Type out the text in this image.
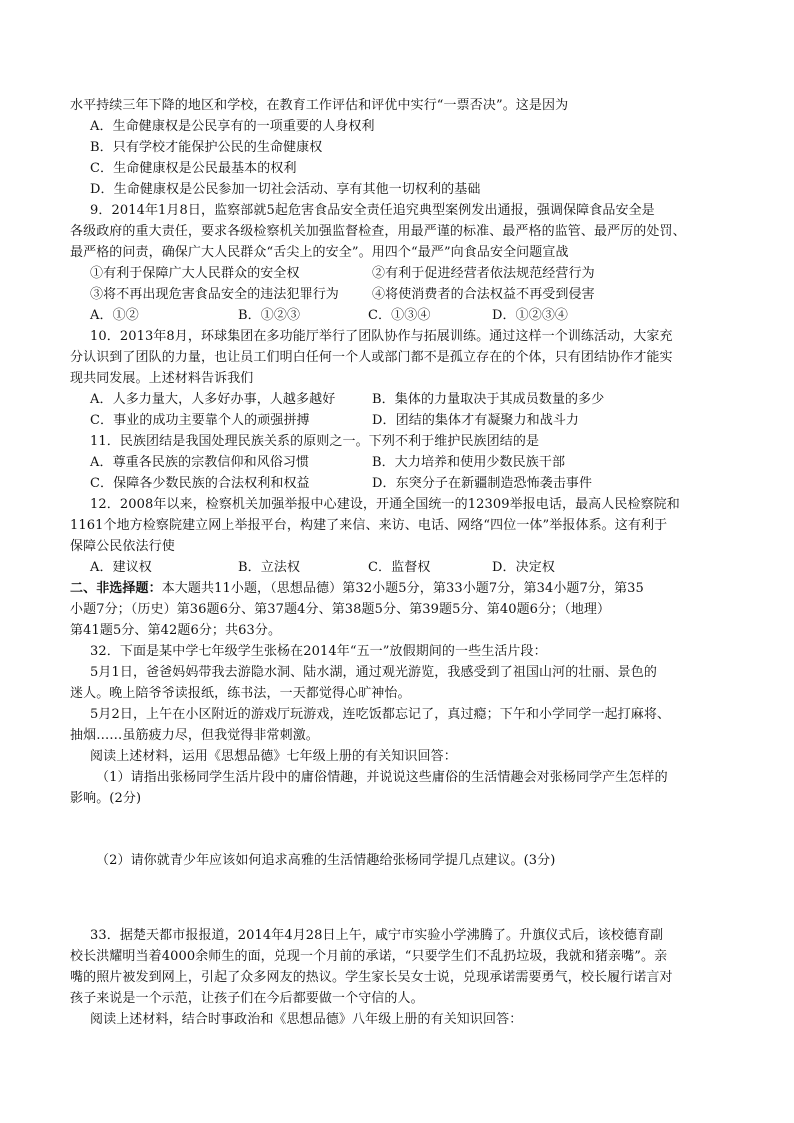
水平持续三年下降的地区和学校，在教育工作评估和评优中实行“一票否决”。这是因为
A．生命健康权是公民享有的一项重要的人身权利
B．只有学校才能保护公民的生命健康权
C．生命健康权是公民最基本的权利
D．生命健康权是公民参加一切社会活动、享有其他一切权利的基础
9．2014年1月8日，监察部就5起危害食品安全责任追究典型案例发出通报，强调保障食品安全是
各级政府的重大责任，要求各级检察机关加强监督检查，用最严谨的标准、最严格的监管、最严厉的处罚、
最严格的问责，确保广大人民群众“舌尖上的安全”。用四个“最严”向食品安全问题宣战
①有利于保障广大人民群众的安全权	②有利于促进经营者依法规范经营行为
③将不再出现危害食品安全的违法犯罪行为	④将使消费者的合法权益不再受到侵害
A．①②	B．①②③	C．①③④	D．①②③④
10．2013年8月，环球集团在多功能厅举行了团队协作与拓展训练。通过这样一个训练活动，大家充
分认识到了团队的力量，也让员工们明白任何一个人或部门都不是孤立存在的个体，只有团结协作才能实
现共同发展。上述材料告诉我们
A．人多力量大，人多好办事，人越多越好	B．集体的力量取决于其成员数量的多少
C．事业的成功主要靠个人的顽强拼搏	D．团结的集体才有凝聚力和战斗力
11．民族团结是我国处理民族关系的原则之一。下列不利于维护民族团结的是
A．尊重各民族的宗教信仰和风俗习惯	B．大力培养和使用少数民族干部
C．保障各少数民族的合法权利和权益	D．东突分子在新疆制造恐怖袭击事件
12．2008年以来，检察机关加强举报中心建设，开通全国统一的12309举报电话，最高人民检察院和
1161个地方检察院建立网上举报平台，构建了来信、来访、电话、网络“四位一体”举报体系。这有利于
保障公民依法行使
A．建议权	B．立法权	C．监督权	D．决定权
二、非选择题：本大题共11小题，（思想品德）第32小题5分，第33小题7分，第34小题7分，第35
小题7分；（历史）第36题6分、第37题4分、第38题5分、第39题5分、第40题6分；（地理）
第41题5分、第42题6分；共63分。
32．下面是某中学七年级学生张杨在2014年“五一”放假期间的一些生活片段：
5月1日，爸爸妈妈带我去游隐水洞、陆水湖，通过观光游览，我感受到了祖国山河的壮丽、景色的
迷人。晚上陪爷爷读报纸，练书法，一天都觉得心旷神怡。
5月2日，上午在小区附近的游戏厅玩游戏，连吃饭都忘记了，真过瘾；下午和小学同学一起打麻将、
抽烟……虽筋疲力尽，但我觉得非常刺激。
阅读上述材料，运用《思想品德》七年级上册的有关知识回答：
（1）请指出张杨同学生活片段中的庸俗情趣，并说说这些庸俗的生活情趣会对张杨同学产生怎样的
影响。(2分)
（2）请你就青少年应该如何追求高雅的生活情趣给张杨同学提几点建议。(3分)
33．据楚天都市报报道，2014年4月28日上午，咸宁市实验小学沸腾了。升旗仪式后，该校德育副
校长洪耀明当着4000余师生的面，兑现一个月前的承诺，“只要学生们不乱扔垃圾，我就和猪亲嘴”。亲
嘴的照片被发到网上，引起了众多网友的热议。学生家长吴女士说，兑现承诺需要勇气，校长履行诺言对
孩子来说是一个示范，让孩子们在今后都要做一个守信的人。
阅读上述材料，结合时事政治和《思想品德》八年级上册的有关知识回答：
